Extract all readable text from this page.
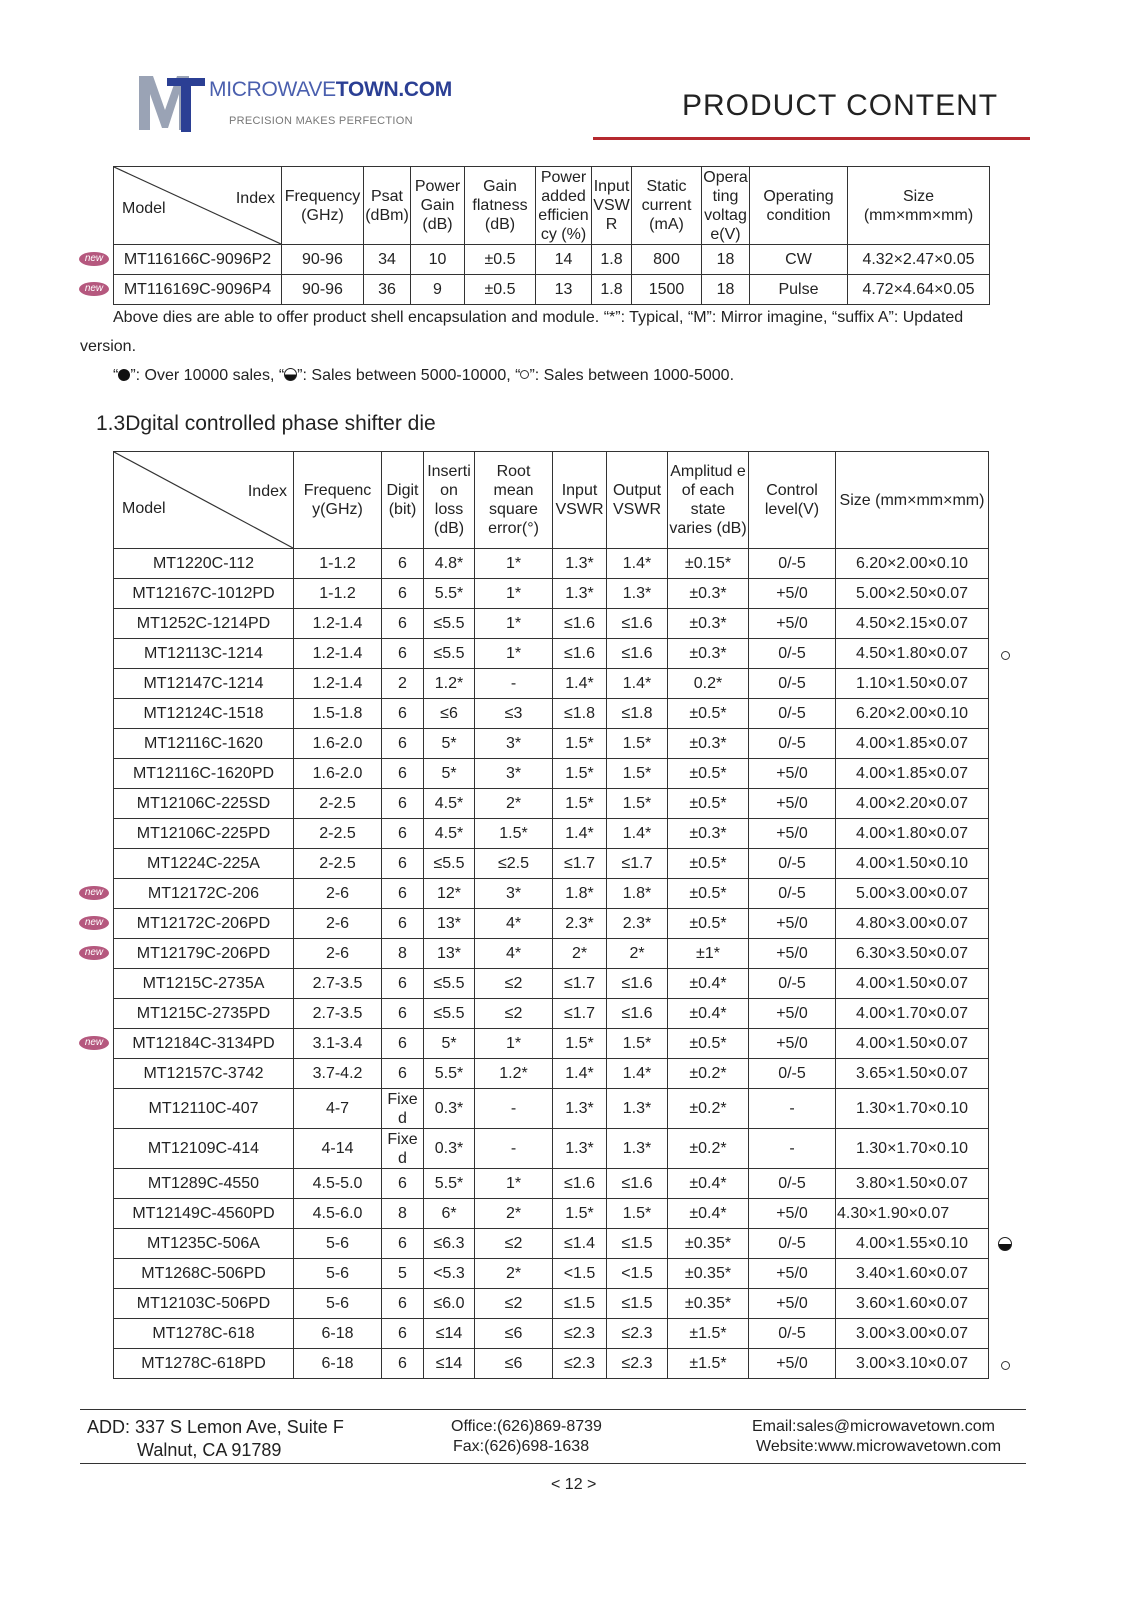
MICROWAVETOWN.COM
PRECISION MAKES PERFECTION	PRODUCT CONTENT
Index
Model	Frequency (GHz)	Psat (dBm)	Power Gain (dB)	Gain flatness (dB)	Power added efficien cy (%)	Input VSW R	Static current (mA)	Opera ting voltag e(V)	Operating condition	Size (mm×mm×mm)
MT116166C-9096P2	90-96	34	10	±0.5	14	1.8	800	18	CW	4.32×2.47×0.05
MT116169C-9096P4	90-96	36	9	±0.5	13	1.8	1500	18	Pulse	4.72×4.64×0.05
Above dies are able to offer product shell encapsulation and module. “*”: Typical, “M”: Mirror imagine, “suffix A”: Updated
version.
“ ”: Over 10000 sales, “ ”: Sales between 5000-10000, “ ”: Sales between 1000-5000.
1.3Dgital controlled phase shifter die
Index
Model	Frequenc y(GHz)	Digit (bit)	Inserti on loss (dB)	Root mean square error(°)	Input VSWR	Output VSWR	Amplitud e of each state varies (dB)	Control level(V)	Size (mm×mm×mm)
MT1220C-112	1-1.2	6	4.8*	1*	1.3*	1.4*	±0.15*	0/-5	6.20×2.00×0.10
MT12167C-1012PD	1-1.2	6	5.5*	1*	1.3*	1.3*	±0.3*	+5/0	5.00×2.50×0.07
MT1252C-1214PD	1.2-1.4	6	≤5.5	1*	≤1.6	≤1.6	±0.3*	+5/0	4.50×2.15×0.07
MT12113C-1214	1.2-1.4	6	≤5.5	1*	≤1.6	≤1.6	±0.3*	0/-5	4.50×1.80×0.07
MT12147C-1214	1.2-1.4	2	1.2*	-	1.4*	1.4*	0.2*	0/-5	1.10×1.50×0.07
MT12124C-1518	1.5-1.8	6	≤6	≤3	≤1.8	≤1.8	±0.5*	0/-5	6.20×2.00×0.10
MT12116C-1620	1.6-2.0	6	5*	3*	1.5*	1.5*	±0.3*	0/-5	4.00×1.85×0.07
MT12116C-1620PD	1.6-2.0	6	5*	3*	1.5*	1.5*	±0.5*	+5/0	4.00×1.85×0.07
MT12106C-225SD	2-2.5	6	4.5*	2*	1.5*	1.5*	±0.5*	+5/0	4.00×2.20×0.07
MT12106C-225PD	2-2.5	6	4.5*	1.5*	1.4*	1.4*	±0.3*	+5/0	4.00×1.80×0.07
MT1224C-225A	2-2.5	6	≤5.5	≤2.5	≤1.7	≤1.7	±0.5*	0/-5	4.00×1.50×0.10
MT12172C-206	2-6	6	12*	3*	1.8*	1.8*	±0.5*	0/-5	5.00×3.00×0.07
MT12172C-206PD	2-6	6	13*	4*	2.3*	2.3*	±0.5*	+5/0	4.80×3.00×0.07
MT12179C-206PD	2-6	8	13*	4*	2*	2*	±1*	+5/0	6.30×3.50×0.07
MT1215C-2735A	2.7-3.5	6	≤5.5	≤2	≤1.7	≤1.6	±0.4*	0/-5	4.00×1.50×0.07
MT1215C-2735PD	2.7-3.5	6	≤5.5	≤2	≤1.7	≤1.6	±0.4*	+5/0	4.00×1.70×0.07
MT12184C-3134PD	3.1-3.4	6	5*	1*	1.5*	1.5*	±0.5*	+5/0	4.00×1.50×0.07
MT12157C-3742	3.7-4.2	6	5.5*	1.2*	1.4*	1.4*	±0.2*	0/-5	3.65×1.50×0.07
MT12110C-407	4-7	Fixe d	0.3*	-	1.3*	1.3*	±0.2*	-	1.30×1.70×0.10
MT12109C-414	4-14	Fixe d	0.3*	-	1.3*	1.3*	±0.2*	-	1.30×1.70×0.10
MT1289C-4550	4.5-5.0	6	5.5*	1*	≤1.6	≤1.6	±0.4*	0/-5	3.80×1.50×0.07
MT12149C-4560PD	4.5-6.0	8	6*	2*	1.5*	1.5*	±0.4*	+5/0	4.30×1.90×0.07
MT1235C-506A	5-6	6	≤6.3	≤2	≤1.4	≤1.5	±0.35*	0/-5	4.00×1.55×0.10
MT1268C-506PD	5-6	5	<5.3	2*	<1.5	<1.5	±0.35*	+5/0	3.40×1.60×0.07
MT12103C-506PD	5-6	6	≤6.0	≤2	≤1.5	≤1.5	±0.35*	+5/0	3.60×1.60×0.07
MT1278C-618	6-18	6	≤14	≤6	≤2.3	≤2.3	±1.5*	0/-5	3.00×3.00×0.07
MT1278C-618PD	6-18	6	≤14	≤6	≤2.3	≤2.3	±1.5*	+5/0	3.00×3.10×0.07
ADD: 337 S Lemon Ave, Suite F
Walnut, CA 91789
Office:(626)869-8739
Fax:(626)698-1638
Email:sales@microwavetown.com
Website:www.microwavetown.com
< 12 >
new
new
new
new
new
new
